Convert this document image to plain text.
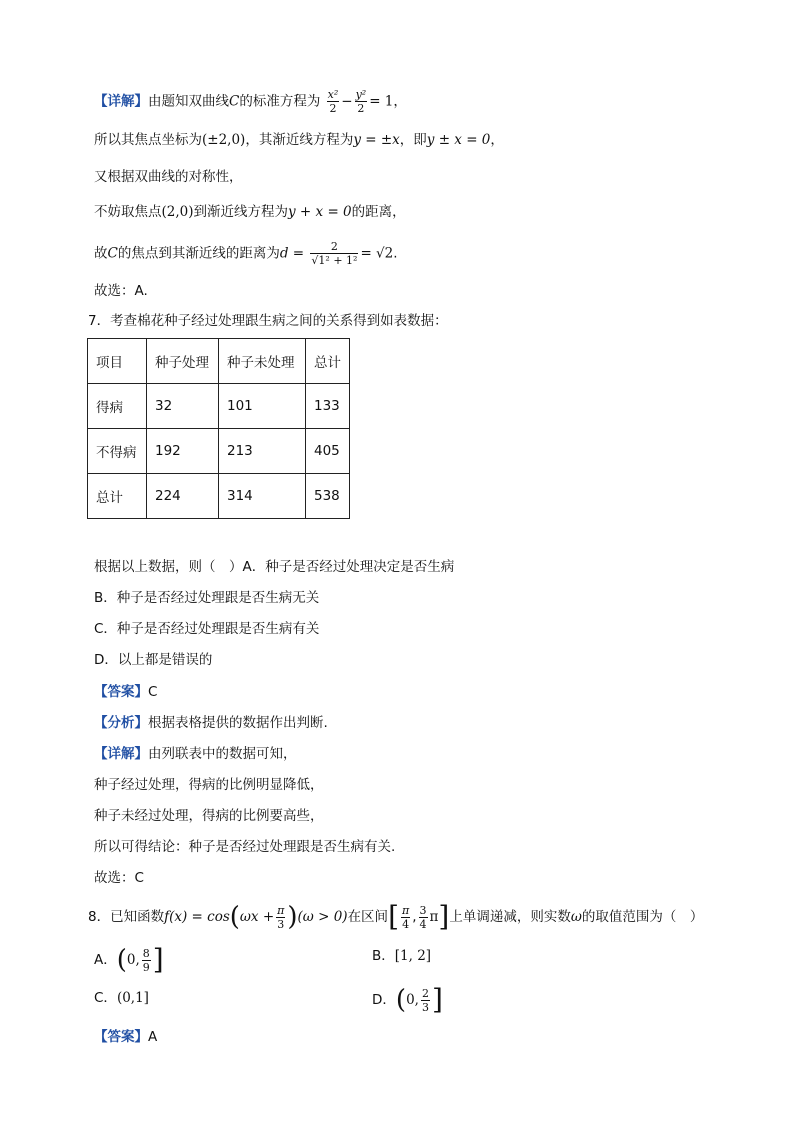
【详解】由题知双曲线C的标准方程为 $\frac{\text{x²}}{2} - \frac{\text{y²}}{2} = 1$，
所以其焦点坐标为(±2,0)，其渐近线方程为y = ±x，即y ± x = 0，
又根据双曲线的对称性，
不妨取焦点(2,0)到渐近线方程为y + x = 0的距离，
故C的焦点到其渐近线的距离为$d = \frac{2}{\text{√1² + 1²}} = √2$.
故选：A.
7．考查棉花种子经过处理跟生病之间的关系得到如表数据：
项目	种子处理	种子未处理	总计
得病	32	101	133
不得病	192	213	405
总计	224	314	538
根据以上数据，则（　）A．种子是否经过处理决定是否生病
B．种子是否经过处理跟是否生病无关
C．种子是否经过处理跟是否生病有关
D．以上都是错误的
【答案】C
【分析】根据表格提供的数据作出判断.
【详解】由列联表中的数据可知，
种子经过处理，得病的比例明显降低，
种子未经过处理，得病的比例要高些，
所以可得结论：种子是否经过处理跟是否生病有关.
故选：C
8．已知函数$f(x) = \cos(\omega x + \frac{\pi}{3} )(\omega > 0)$在区间[ $\frac{\pi}{4}$ , $\frac{3}{4} \pi$]上单调递减，则实数ω的取值范围为（　）
A．(0, $\frac{8}{9}$ ]	B．[1, 2]
C．(0,1]	D．(0, $\frac{2}{3}$ ]
【答案】A
